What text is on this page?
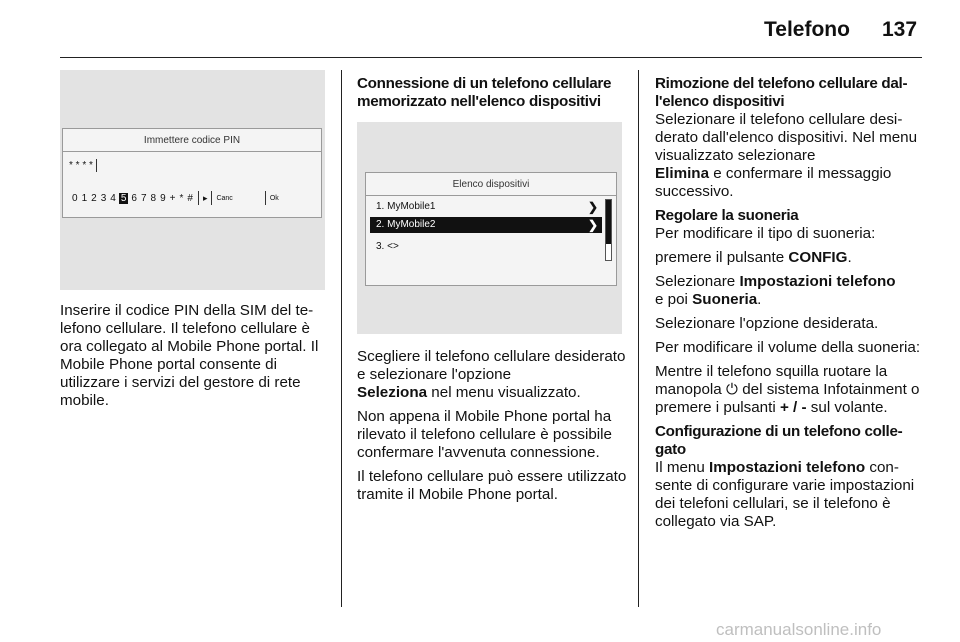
Telefono 137
Immettere codice PIN
* * * *
0 1 2 3 4 5 6 7 8 9 + * # ▸ Canc	Ok

Inserire il codice PIN della SIM del telefono cellulare. Il telefono cellulare è ora collegato al Mobile Phone portal. Il Mobile Phone portal consente di utilizzare i servizi del gestore di rete mobile.

Connessione di un telefono cellulare memorizzato nell'elenco dispositivi
Elenco dispositivi
1. MyMobile1	❯
2. MyMobile2	❯
3. <>

Scegliere il telefono cellulare desiderato e selezionare l'opzione
Seleziona nel menu visualizzato.

Non appena il Mobile Phone portal ha rilevato il telefono cellulare è possibile confermare l'avvenuta connessione.

Il telefono cellulare può essere utilizzato tramite il Mobile Phone portal.

Rimozione del telefono cellulare dall'elenco dispositivi

Selezionare il telefono cellulare desiderato dall'elenco dispositivi. Nel menu visualizzato selezionare
Elimina e confermare il messaggio successivo.

Regolare la suoneria

Per modificare il tipo di suoneria:

premere il pulsante CONFIG.

Selezionare Impostazioni telefono
e poi Suoneria.

Selezionare l'opzione desiderata.

Per modificare il volume della suoneria:

Mentre il telefono squilla ruotare la manopola ⏻ del sistema Infotainment o premere i pulsanti + / - sul volante.

Configurazione di un telefono collegato

Il menu Impostazioni telefono consente di configurare varie impostazioni dei telefoni cellulari, se il telefono è collegato via SAP.

carmanualsonline.info
